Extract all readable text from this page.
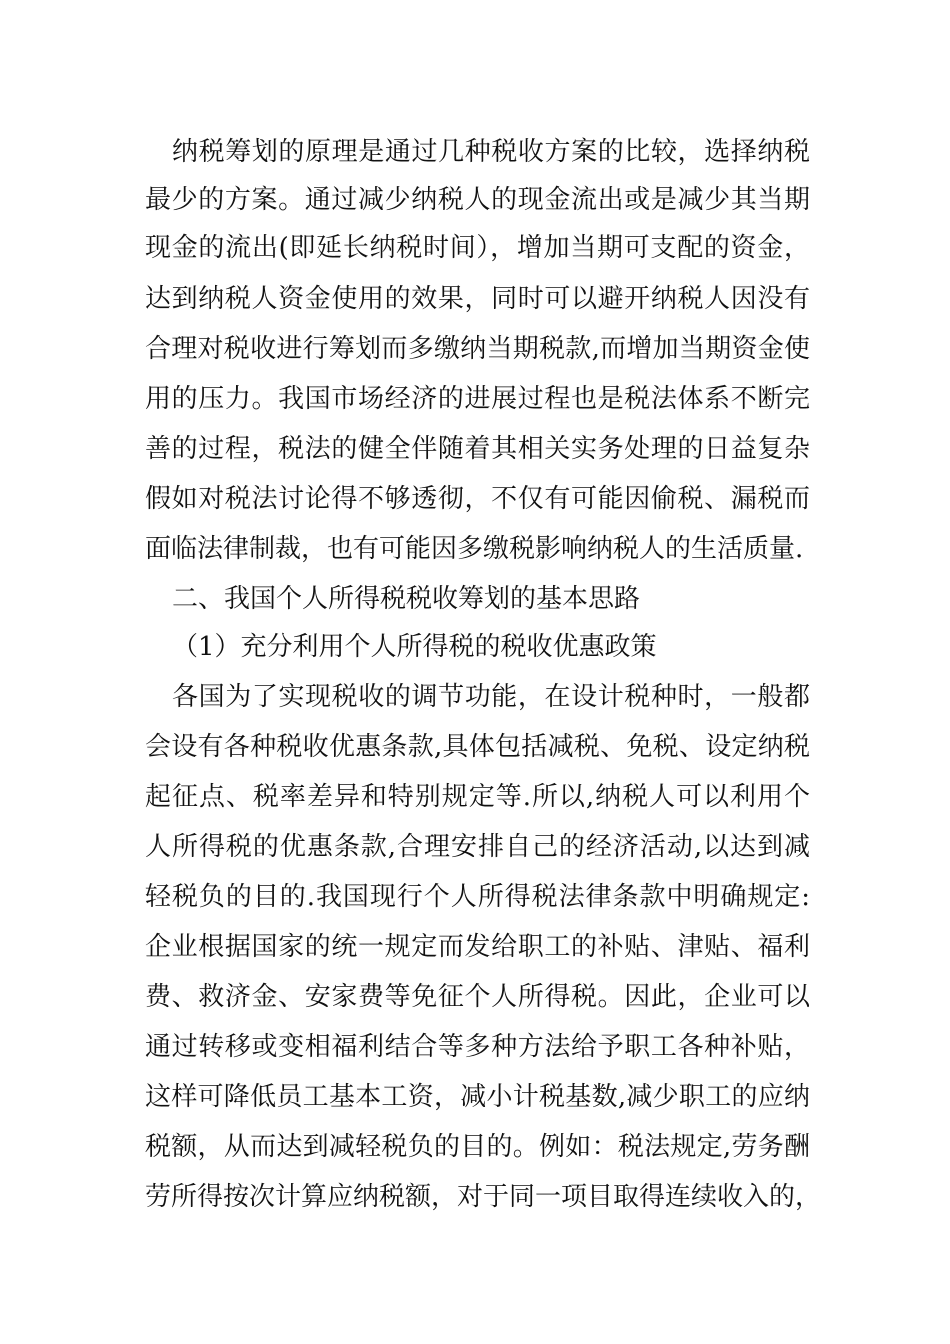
纳税筹划的原理是通过几种税收方案的比较，选择纳税
最少的方案。通过减少纳税人的现金流出或是减少其当期
现金的流出(即延长纳税时间），增加当期可支配的资金，
达到纳税人资金使用的效果，同时可以避开纳税人因没有
合理对税收进行筹划而多缴纳当期税款,而增加当期资金使
用的压力。我国市场经济的进展过程也是税法体系不断完
善的过程，税法的健全伴随着其相关实务处理的日益复杂
假如对税法讨论得不够透彻，不仅有可能因偷税、漏税而
面临法律制裁，也有可能因多缴税影响纳税人的生活质量.
二、我国个人所得税税收筹划的基本思路
（1）充分利用个人所得税的税收优惠政策
各国为了实现税收的调节功能，在设计税种时，一般都
会设有各种税收优惠条款,具体包括减税、免税、设定纳税
起征点、税率差异和特别规定等.所以,纳税人可以利用个
人所得税的优惠条款,合理安排自己的经济活动,以达到减
轻税负的目的.我国现行个人所得税法律条款中明确规定:
企业根据国家的统一规定而发给职工的补贴、津贴、福利
费、救济金、安家费等免征个人所得税。因此，企业可以
通过转移或变相福利结合等多种方法给予职工各种补贴，
这样可降低员工基本工资，减小计税基数,减少职工的应纳
税额，从而达到减轻税负的目的。例如：税法规定,劳务酬
劳所得按次计算应纳税额，对于同一项目取得连续收入的，
